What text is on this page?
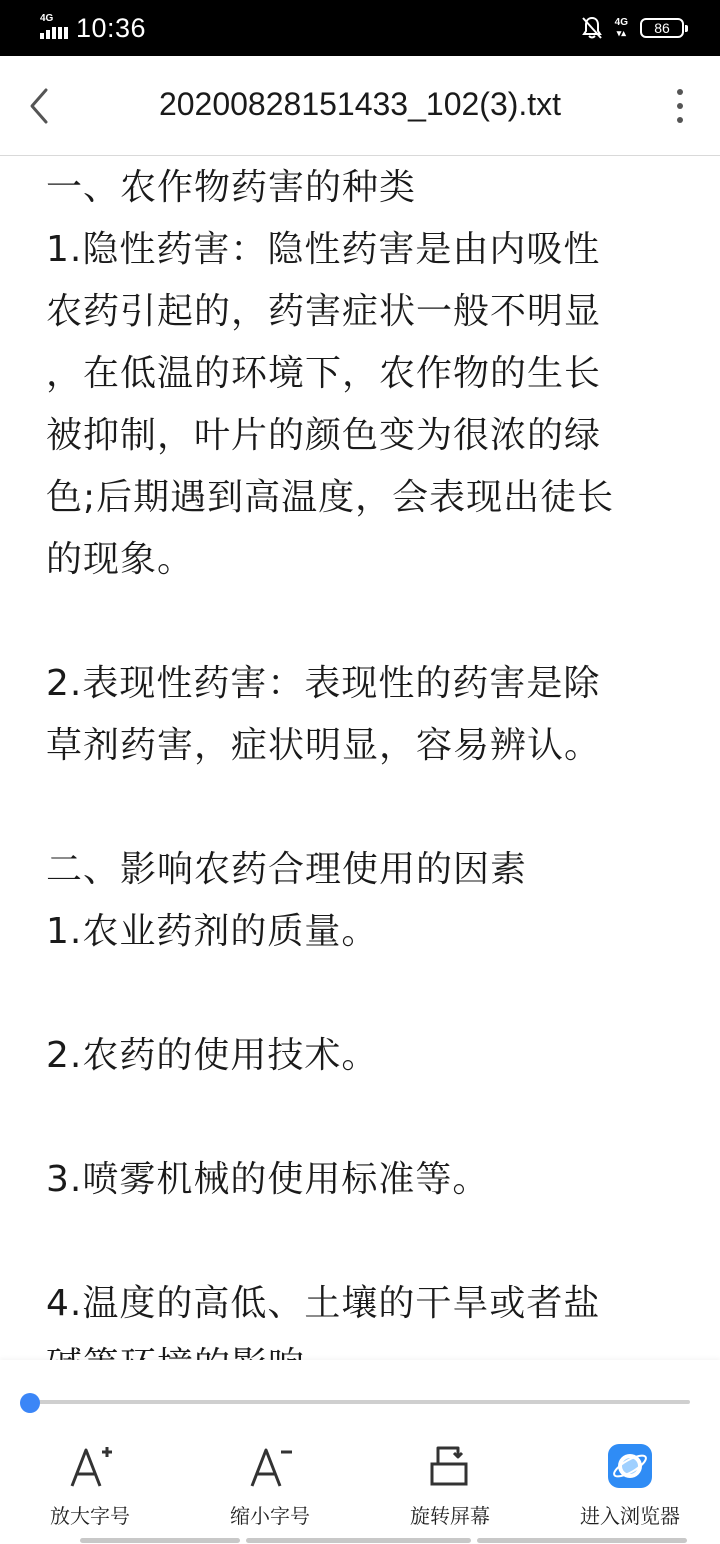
4G 10:36	4G
▾▴ 86
20200828151433_102(3).txt
一、农作物药害的种类
1.隐性药害：隐性药害是由内吸性
农药引起的，药害症状一般不明显
，在低温的环境下，农作物的生长
被抑制，叶片的颜色变为很浓的绿
色;后期遇到高温度，会表现出徒长
的现象。
2.表现性药害：表现性的药害是除
草剂药害，症状明显，容易辨认。
二、影响农药合理使用的因素
1.农业药剂的质量。
2.农药的使用技术。
3.喷雾机械的使用标准等。
4.温度的高低、土壤的干旱或者盐
放大字号	缩小字号	旋转屏幕	进入浏览器
